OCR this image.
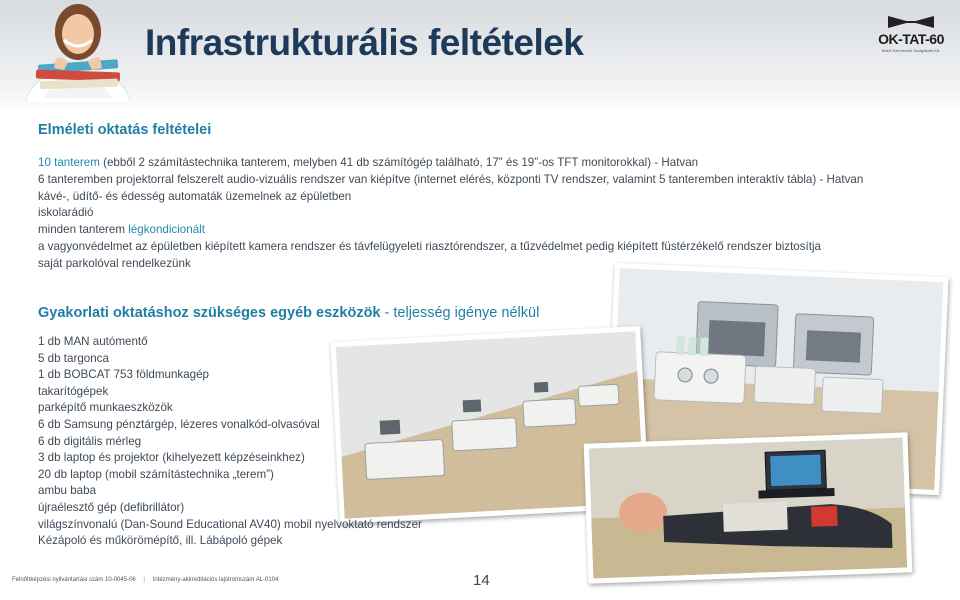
Infrastrukturális feltételek	OK-TAT-60
Mobil Szervezési Szolgáltató Kft.
Elméleti oktatás feltételei
10 tanterem (ebből 2 számítástechnika tanterem, melyben 41 db számítógép található, 17” és 19”-os TFT monitorokkal) - Hatvan
6 tanteremben projektorral felszerelt audio-vizuális rendszer van kiépítve (internet elérés, központi TV rendszer, valamint 5 tanteremben interaktív tábla) - Hatvan
kávé-, üdítő- és édesség automaták üzemelnek az épületben
iskolarádió
minden tanterem légkondicionált
a vagyonvédelmet az épületben kiépített kamera rendszer és távfelügyeleti riasztórendszer, a tűzvédelmet pedig kiépített füstérzékelő rendszer biztosítja
saját parkolóval rendelkezünk
Gyakorlati oktatáshoz szükséges egyéb eszközök - teljesség igénye nélkül
1 db MAN autómentő
5 db targonca
1 db BOBCAT 753 földmunkagép
takarítógépek
parképítő munkaeszközök
6 db Samsung pénztárgép, lézeres vonalkód-olvasóval
6 db digitális mérleg
3 db laptop és projektor (kihelyezett képzéseinkhez)
20 db laptop (mobil számítástechnika „terem”)
ambu baba
újraélesztő gép (defibrillátor)
világszínvonalú (Dan-Sound Educational AV40) mobil nyelvoktató rendszer
Kézápoló és műkörömépítő, ill. Lábápoló gépek
Felnőttképzési nyilvántartási szám 10-0045-06 | Intézmény-akkreditációs lajstromszám AL-0104	14
